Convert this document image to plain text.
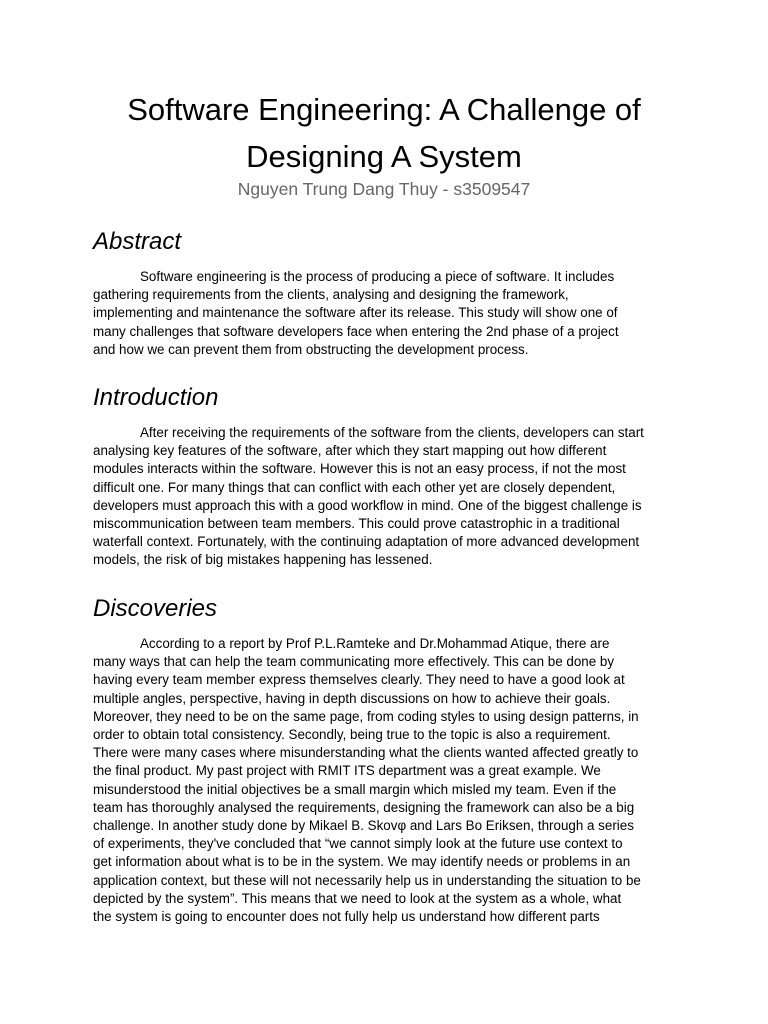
Software Engineering: A Challenge of
Designing A System

Nguyen Trung Dang Thuy - s3509547

Abstract
Software engineering is the process of producing a piece of software. It includes
gathering requirements from the clients, analysing and designing the framework,
implementing and maintenance the software after its release. This study will show one of
many challenges that software developers face when entering the 2nd phase of a project
and how we can prevent them from obstructing the development process.
Introduction
After receiving the requirements of the software from the clients, developers can start
analysing key features of the software, after which they start mapping out how different
modules interacts within the software. However this is not an easy process, if not the most
difficult one. For many things that can conflict with each other yet are closely dependent,
developers must approach this with a good workflow in mind. One of the biggest challenge is
miscommunication between team members. This could prove catastrophic in a traditional
waterfall context. Fortunately, with the continuing adaptation of more advanced development
models, the risk of big mistakes happening has lessened.
Discoveries
According to a report by Prof P.L.Ramteke and Dr.Mohammad Atique, there are
many ways that can help the team communicating more effectively. This can be done by
having every team member express themselves clearly. They need to have a good look at
multiple angles, perspective, having in depth discussions on how to achieve their goals.
Moreover, they need to be on the same page, from coding styles to using design patterns, in
order to obtain total consistency. Secondly, being true to the topic is also a requirement.
There were many cases where misunderstanding what the clients wanted affected greatly to
the final product. My past project with RMIT ITS department was a great example. We
misunderstood the initial objectives be a small margin which misled my team. Even if the
team has thoroughly analysed the requirements, designing the framework can also be a big
challenge. In another study done by Mikael B. Skovφ and Lars Bo Eriksen, through a series
of experiments, they've concluded that “we cannot simply look at the future use context to
get information about what is to be in the system. We may identify needs or problems in an
application context, but these will not necessarily help us in understanding the situation to be
depicted by the system”. This means that we need to look at the system as a whole, what
the system is going to encounter does not fully help us understand how different parts
